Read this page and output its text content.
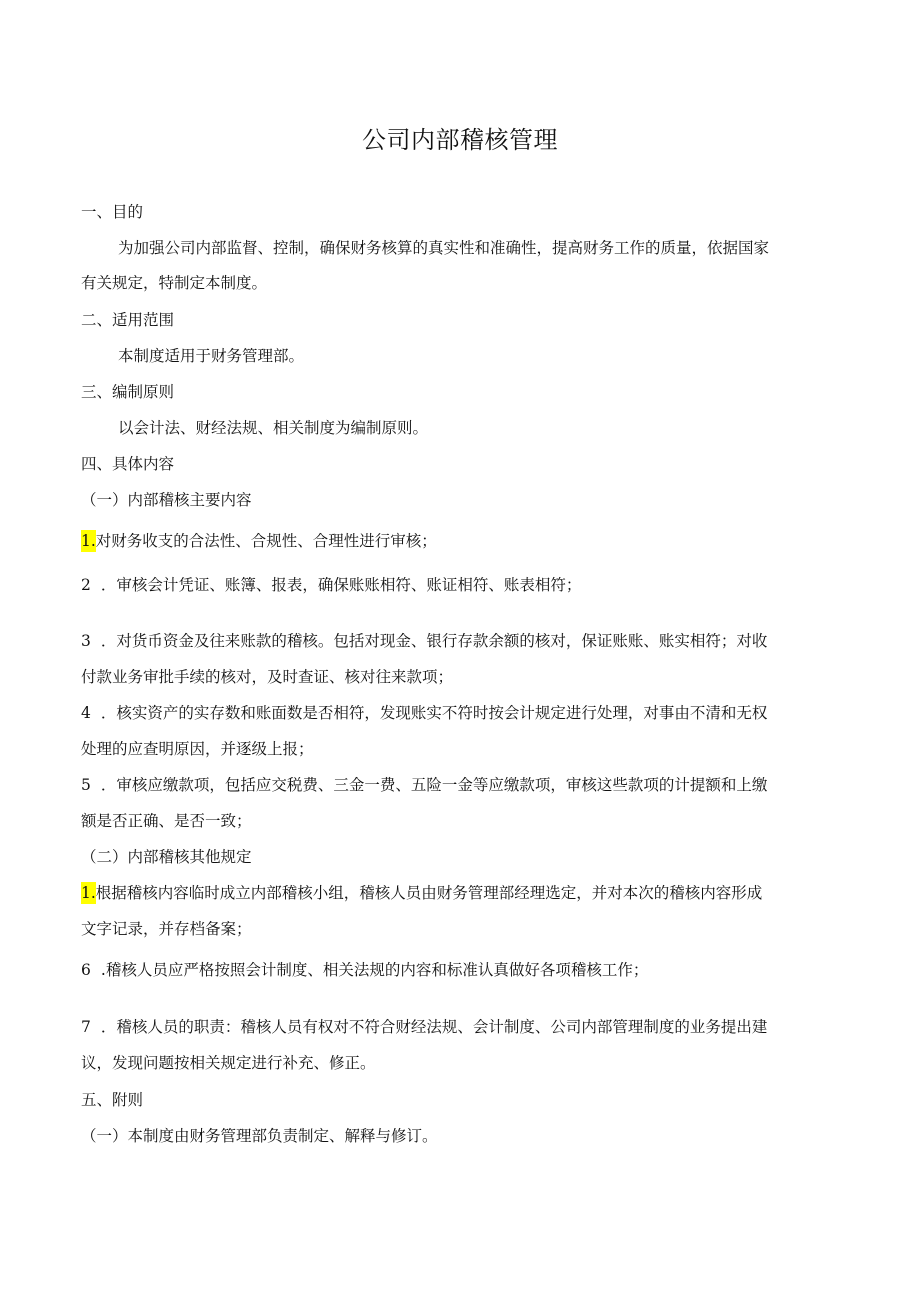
公司内部稽核管理
一、目的
为加强公司内部监督、控制，确保财务核算的真实性和准确性，提高财务工作的质量，依据国家
有关规定，特制定本制度。
二、适用范围
本制度适用于财务管理部。
三、编制原则
以会计法、财经法规、相关制度为编制原则。
四、具体内容
（一）内部稽核主要内容
1.对财务收支的合法性、合规性、合理性进行审核；
2 ．审核会计凭证、账簿、报表，确保账账相符、账证相符、账表相符；
3 ．对货币资金及往来账款的稽核。包括对现金、银行存款余额的核对，保证账账、账实相符；对收
付款业务审批手续的核对，及时查证、核对往来款项；
4 ．核实资产的实存数和账面数是否相符，发现账实不符时按会计规定进行处理，对事由不清和无权
处理的应查明原因，并逐级上报；
5 ．审核应缴款项，包括应交税费、三金一费、五险一金等应缴款项，审核这些款项的计提额和上缴
额是否正确、是否一致；
（二）内部稽核其他规定
1.根据稽核内容临时成立内部稽核小组，稽核人员由财务管理部经理选定，并对本次的稽核内容形成
文字记录，并存档备案；
6 .稽核人员应严格按照会计制度、相关法规的内容和标准认真做好各项稽核工作；
7 ．稽核人员的职责：稽核人员有权对不符合财经法规、会计制度、公司内部管理制度的业务提出建
议，发现问题按相关规定进行补充、修正。
五、附则
（一）本制度由财务管理部负责制定、解释与修订。
